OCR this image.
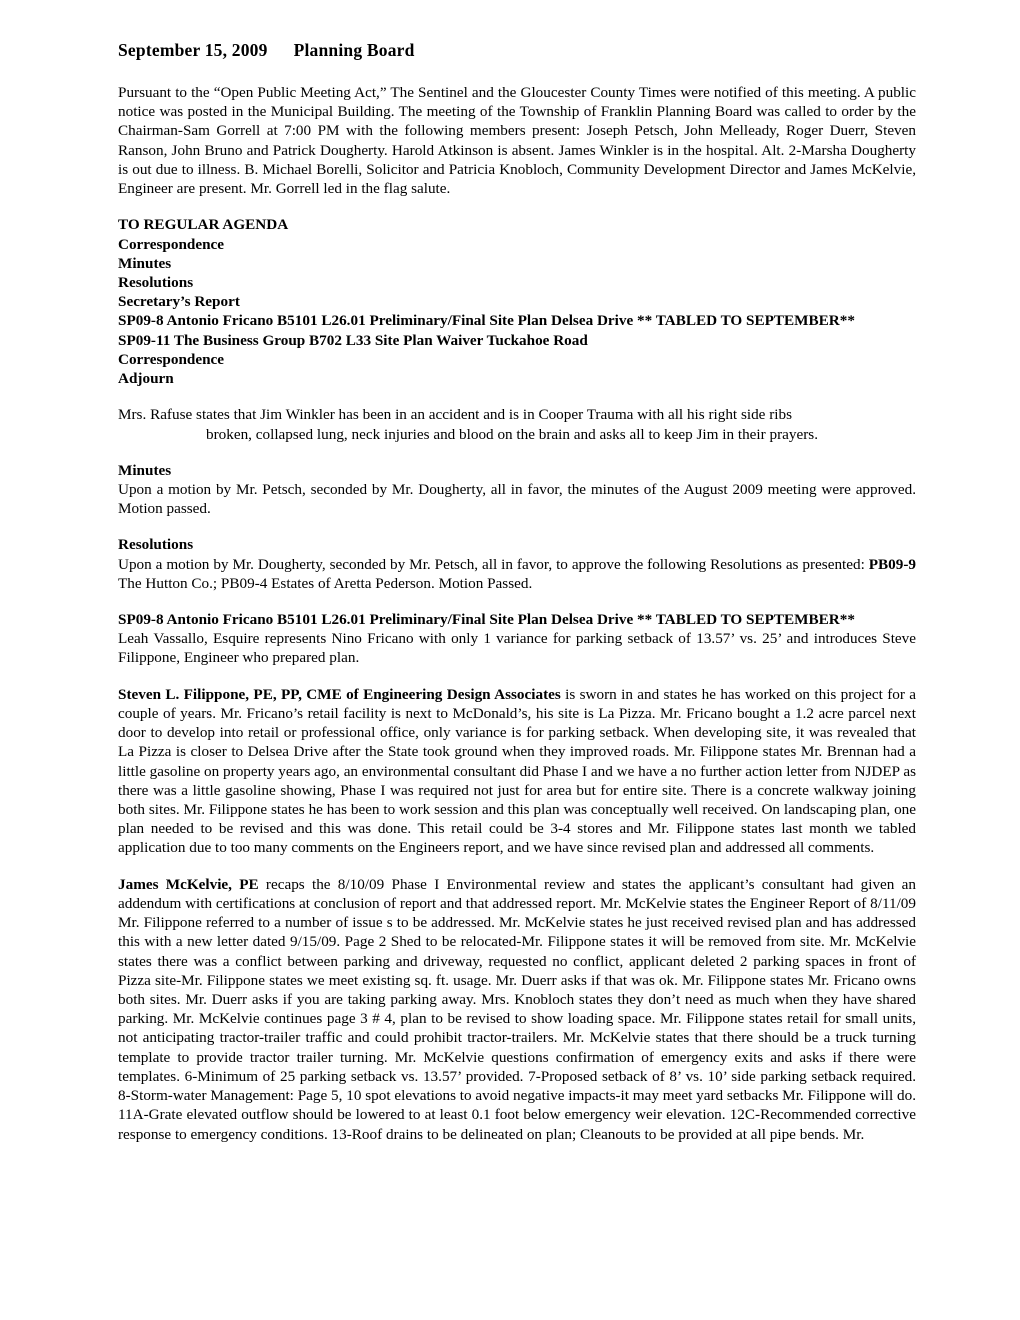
September 15, 2009 Planning Board

Pursuant to the “Open Public Meeting Act,” The Sentinel and the Gloucester County Times were notified of this meeting. A public notice was posted in the Municipal Building. The meeting of the Township of Franklin Planning Board was called to order by the Chairman-Sam Gorrell at 7:00 PM with the following members present: Joseph Petsch, John Melleady, Roger Duerr, Steven Ranson, John Bruno and Patrick Dougherty. Harold Atkinson is absent. James Winkler is in the hospital. Alt. 2-Marsha Dougherty is out due to illness. B. Michael Borelli, Solicitor and Patricia Knobloch, Community Development Director and James McKelvie, Engineer are present. Mr. Gorrell led in the flag salute.

TO REGULAR AGENDA
Correspondence
Minutes
Resolutions
Secretary’s Report
SP09-8 Antonio Fricano B5101 L26.01 Preliminary/Final Site Plan Delsea Drive ** TABLED TO SEPTEMBER**
SP09-11 The Business Group B702 L33 Site Plan Waiver Tuckahoe Road
Correspondence
Adjourn

Mrs. Rafuse states that Jim Winkler has been in an accident and is in Cooper Trauma with all his right side ribs

broken, collapsed lung, neck injuries and blood on the brain and asks all to keep Jim in their prayers.

Minutes

Upon a motion by Mr. Petsch, seconded by Mr. Dougherty, all in favor, the minutes of the August 2009 meeting were approved. Motion passed.

Resolutions

Upon a motion by Mr. Dougherty, seconded by Mr. Petsch, all in favor, to approve the following Resolutions as presented: PB09-9 The Hutton Co.; PB09-4 Estates of Aretta Pederson. Motion Passed.

SP09-8 Antonio Fricano B5101 L26.01 Preliminary/Final Site Plan Delsea Drive ** TABLED TO SEPTEMBER**

Leah Vassallo, Esquire represents Nino Fricano with only 1 variance for parking setback of 13.57’ vs. 25’ and introduces Steve Filippone, Engineer who prepared plan.

Steven L. Filippone, PE, PP, CME of Engineering Design Associates is sworn in and states he has worked on this project for a couple of years. Mr. Fricano’s retail facility is next to McDonald’s, his site is La Pizza. Mr. Fricano bought a 1.2 acre parcel next door to develop into retail or professional office, only variance is for parking setback. When developing site, it was revealed that La Pizza is closer to Delsea Drive after the State took ground when they improved roads. Mr. Filippone states Mr. Brennan had a little gasoline on property years ago, an environmental consultant did Phase I and we have a no further action letter from NJDEP as there was a little gasoline showing, Phase I was required not just for area but for entire site. There is a concrete walkway joining both sites. Mr. Filippone states he has been to work session and this plan was conceptually well received. On landscaping plan, one plan needed to be revised and this was done. This retail could be 3-4 stores and Mr. Filippone states last month we tabled application due to too many comments on the Engineers report, and we have since revised plan and addressed all comments.

James McKelvie, PE recaps the 8/10/09 Phase I Environmental review and states the applicant’s consultant had given an addendum with certifications at conclusion of report and that addressed report. Mr. McKelvie states the Engineer Report of 8/11/09 Mr. Filippone referred to a number of issue s to be addressed. Mr. McKelvie states he just received revised plan and has addressed this with a new letter dated 9/15/09. Page 2 Shed to be relocated-Mr. Filippone states it will be removed from site. Mr. McKelvie states there was a conflict between parking and driveway, requested no conflict, applicant deleted 2 parking spaces in front of Pizza site-Mr. Filippone states we meet existing sq. ft. usage. Mr. Duerr asks if that was ok. Mr. Filippone states Mr. Fricano owns both sites. Mr. Duerr asks if you are taking parking away. Mrs. Knobloch states they don’t need as much when they have shared parking. Mr. McKelvie continues page 3 # 4, plan to be revised to show loading space. Mr. Filippone states retail for small units, not anticipating tractor-trailer traffic and could prohibit tractor-trailers. Mr. McKelvie states that there should be a truck turning template to provide tractor trailer turning. Mr. McKelvie questions confirmation of emergency exits and asks if there were templates. 6-Minimum of 25 parking setback vs. 13.57’ provided. 7-Proposed setback of 8’ vs. 10’ side parking setback required. 8-Storm-water Management: Page 5, 10 spot elevations to avoid negative impacts-it may meet yard setbacks Mr. Filippone will do. 11A-Grate elevated outflow should be lowered to at least 0.1 foot below emergency weir elevation. 12C-Recommended corrective response to emergency conditions. 13-Roof drains to be delineated on plan; Cleanouts to be provided at all pipe bends. Mr.
